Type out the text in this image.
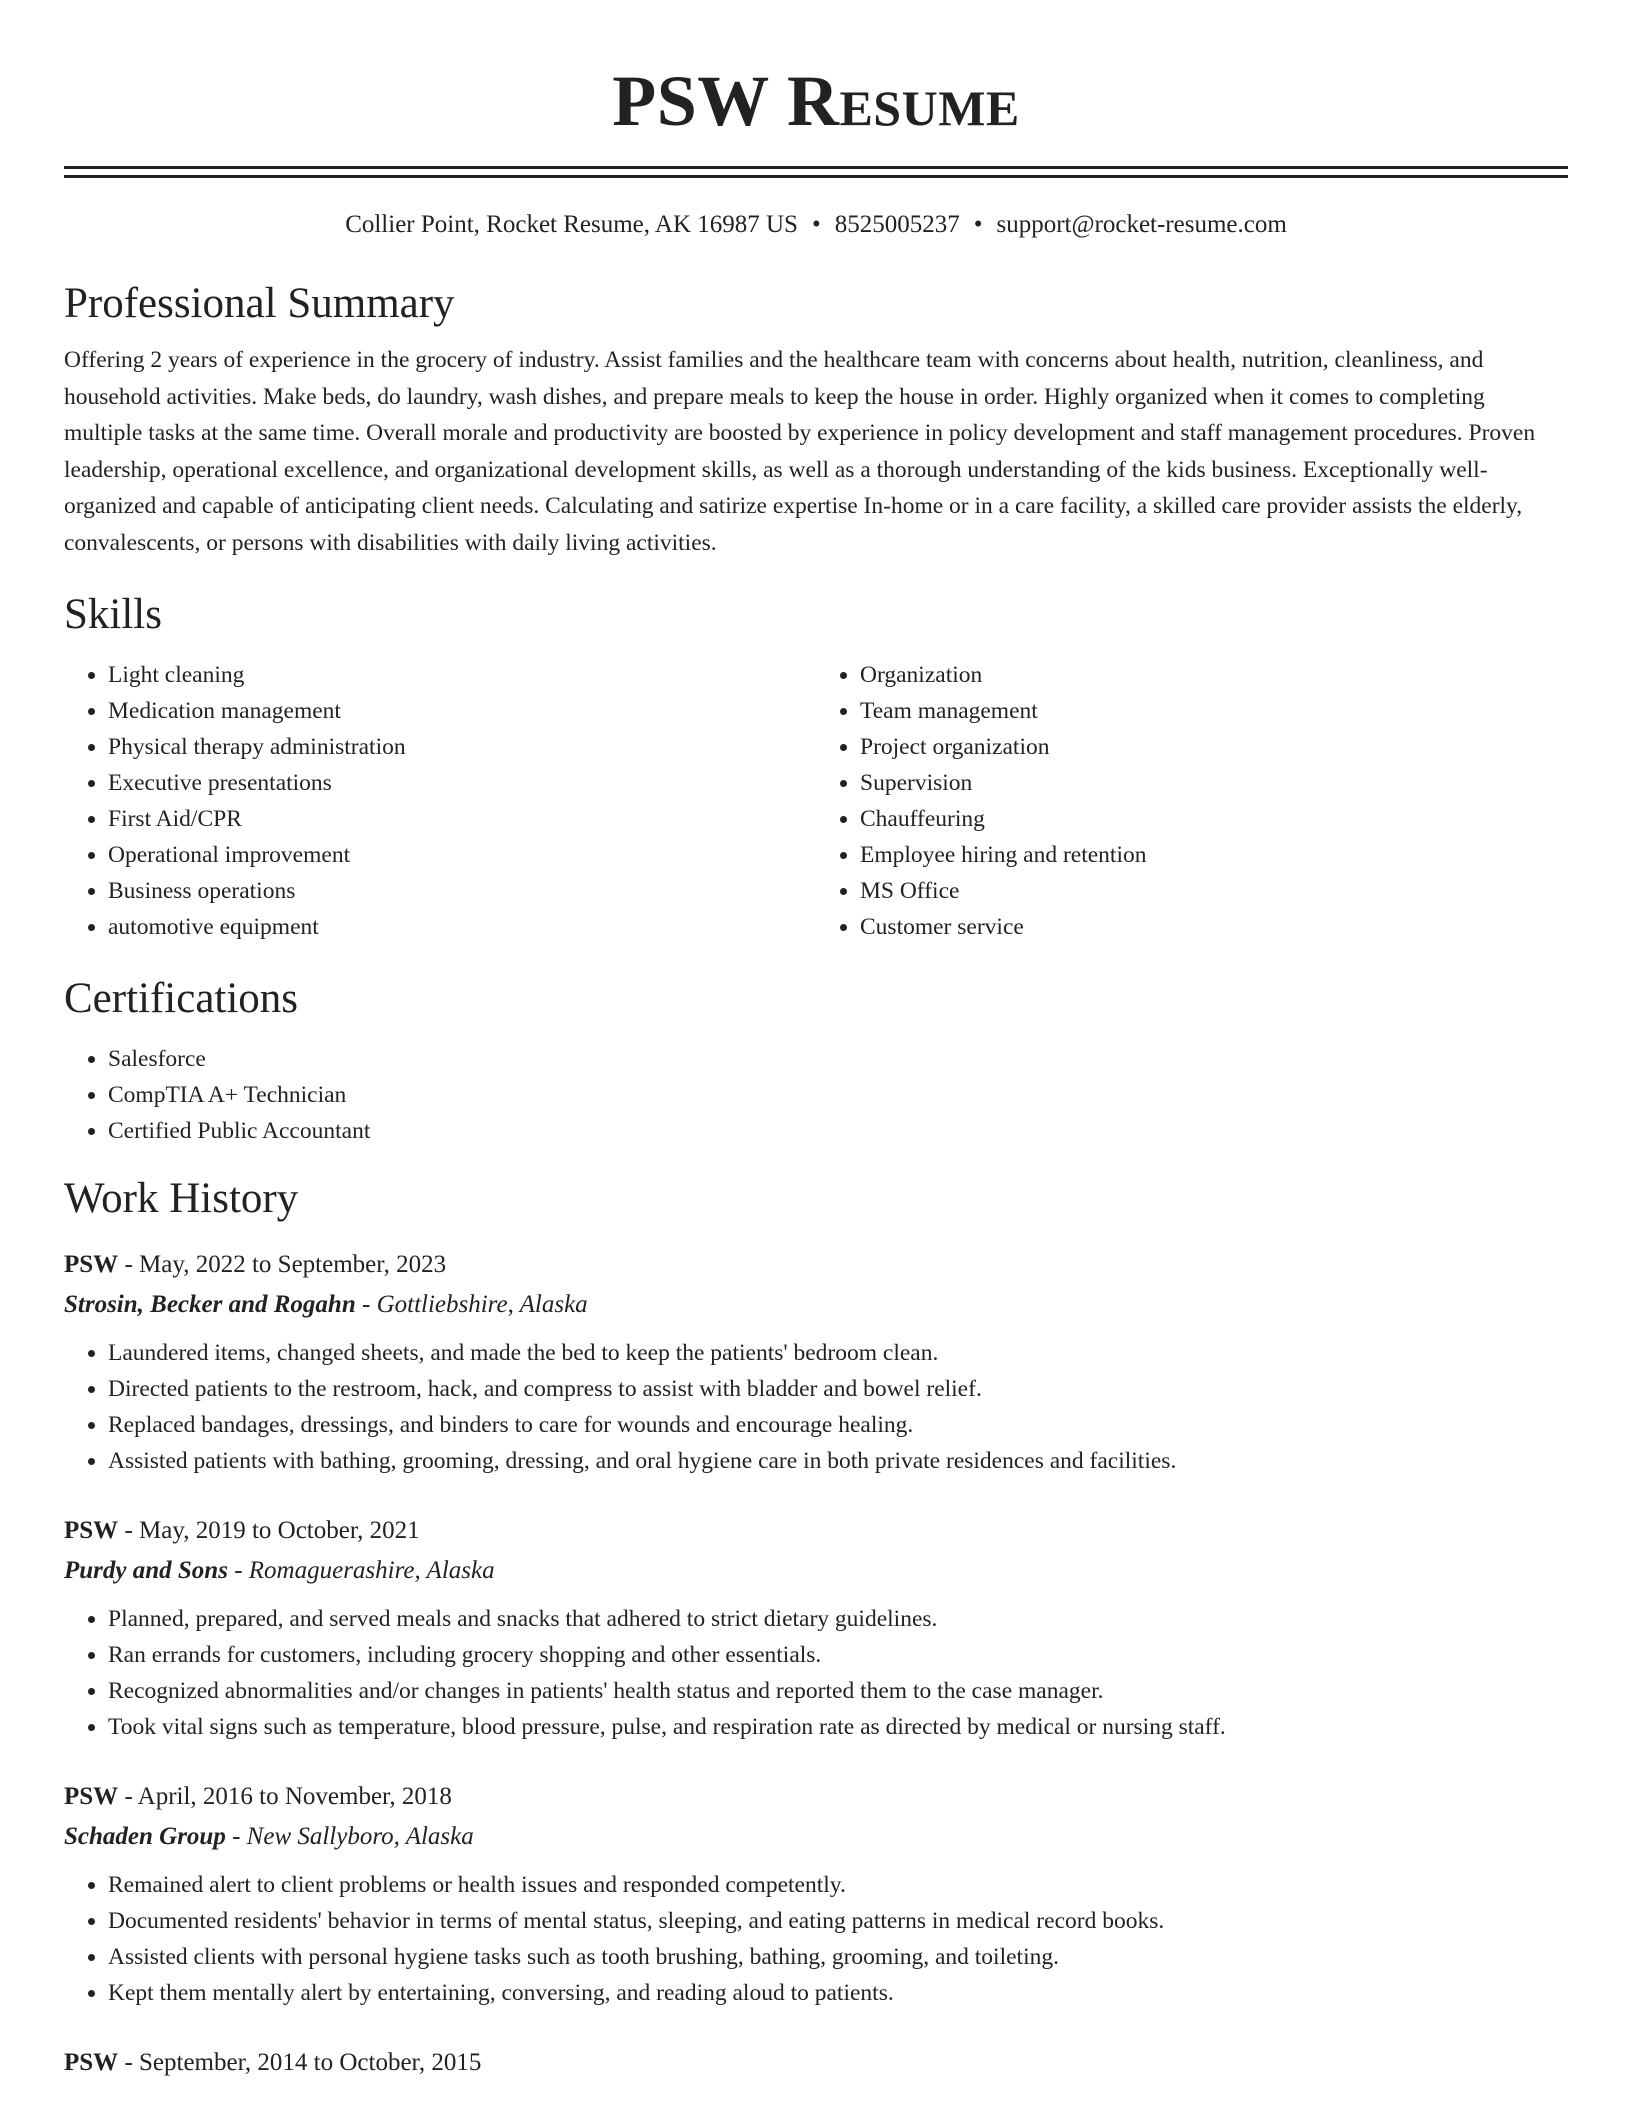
PSW Resume
Collier Point, Rocket Resume, AK 16987 US • 8525005237 • support@rocket-resume.com
Professional Summary

Offering 2 years of experience in the grocery of industry. Assist families and the healthcare team with concerns about health, nutrition, cleanliness, and household activities. Make beds, do laundry, wash dishes, and prepare meals to keep the house in order. Highly organized when it comes to completing multiple tasks at the same time. Overall morale and productivity are boosted by experience in policy development and staff management procedures. Proven leadership, operational excellence, and organizational development skills, as well as a thorough understanding of the kids business. Exceptionally well-organized and capable of anticipating client needs. Calculating and satirize expertise In-home or in a care facility, a skilled care provider assists the elderly, convalescents, or persons with disabilities with daily living activities.

Skills
• Light cleaning
• Medication management
• Physical therapy administration
• Executive presentations
• First Aid/CPR
• Operational improvement
• Business operations
• automotive equipment
• Organization
• Team management
• Project organization
• Supervision
• Chauffeuring
• Employee hiring and retention
• MS Office
• Customer service
Certifications
• Salesforce
• CompTIA A+ Technician
• Certified Public Accountant
Work History

PSW - May, 2022 to September, 2023

Strosin, Becker and Rogahn - Gottliebshire, Alaska

• Laundered items, changed sheets, and made the bed to keep the patients' bedroom clean.
• Directed patients to the restroom, hack, and compress to assist with bladder and bowel relief.
• Replaced bandages, dressings, and binders to care for wounds and encourage healing.
• Assisted patients with bathing, grooming, dressing, and oral hygiene care in both private residences and facilities.

PSW - May, 2019 to October, 2021

Purdy and Sons - Romaguerashire, Alaska

• Planned, prepared, and served meals and snacks that adhered to strict dietary guidelines.
• Ran errands for customers, including grocery shopping and other essentials.
• Recognized abnormalities and/or changes in patients' health status and reported them to the case manager.
• Took vital signs such as temperature, blood pressure, pulse, and respiration rate as directed by medical or nursing staff.

PSW - April, 2016 to November, 2018

Schaden Group - New Sallyboro, Alaska

• Remained alert to client problems or health issues and responded competently.
• Documented residents' behavior in terms of mental status, sleeping, and eating patterns in medical record books.
• Assisted clients with personal hygiene tasks such as tooth brushing, bathing, grooming, and toileting.
• Kept them mentally alert by entertaining, conversing, and reading aloud to patients.

PSW - September, 2014 to October, 2015
